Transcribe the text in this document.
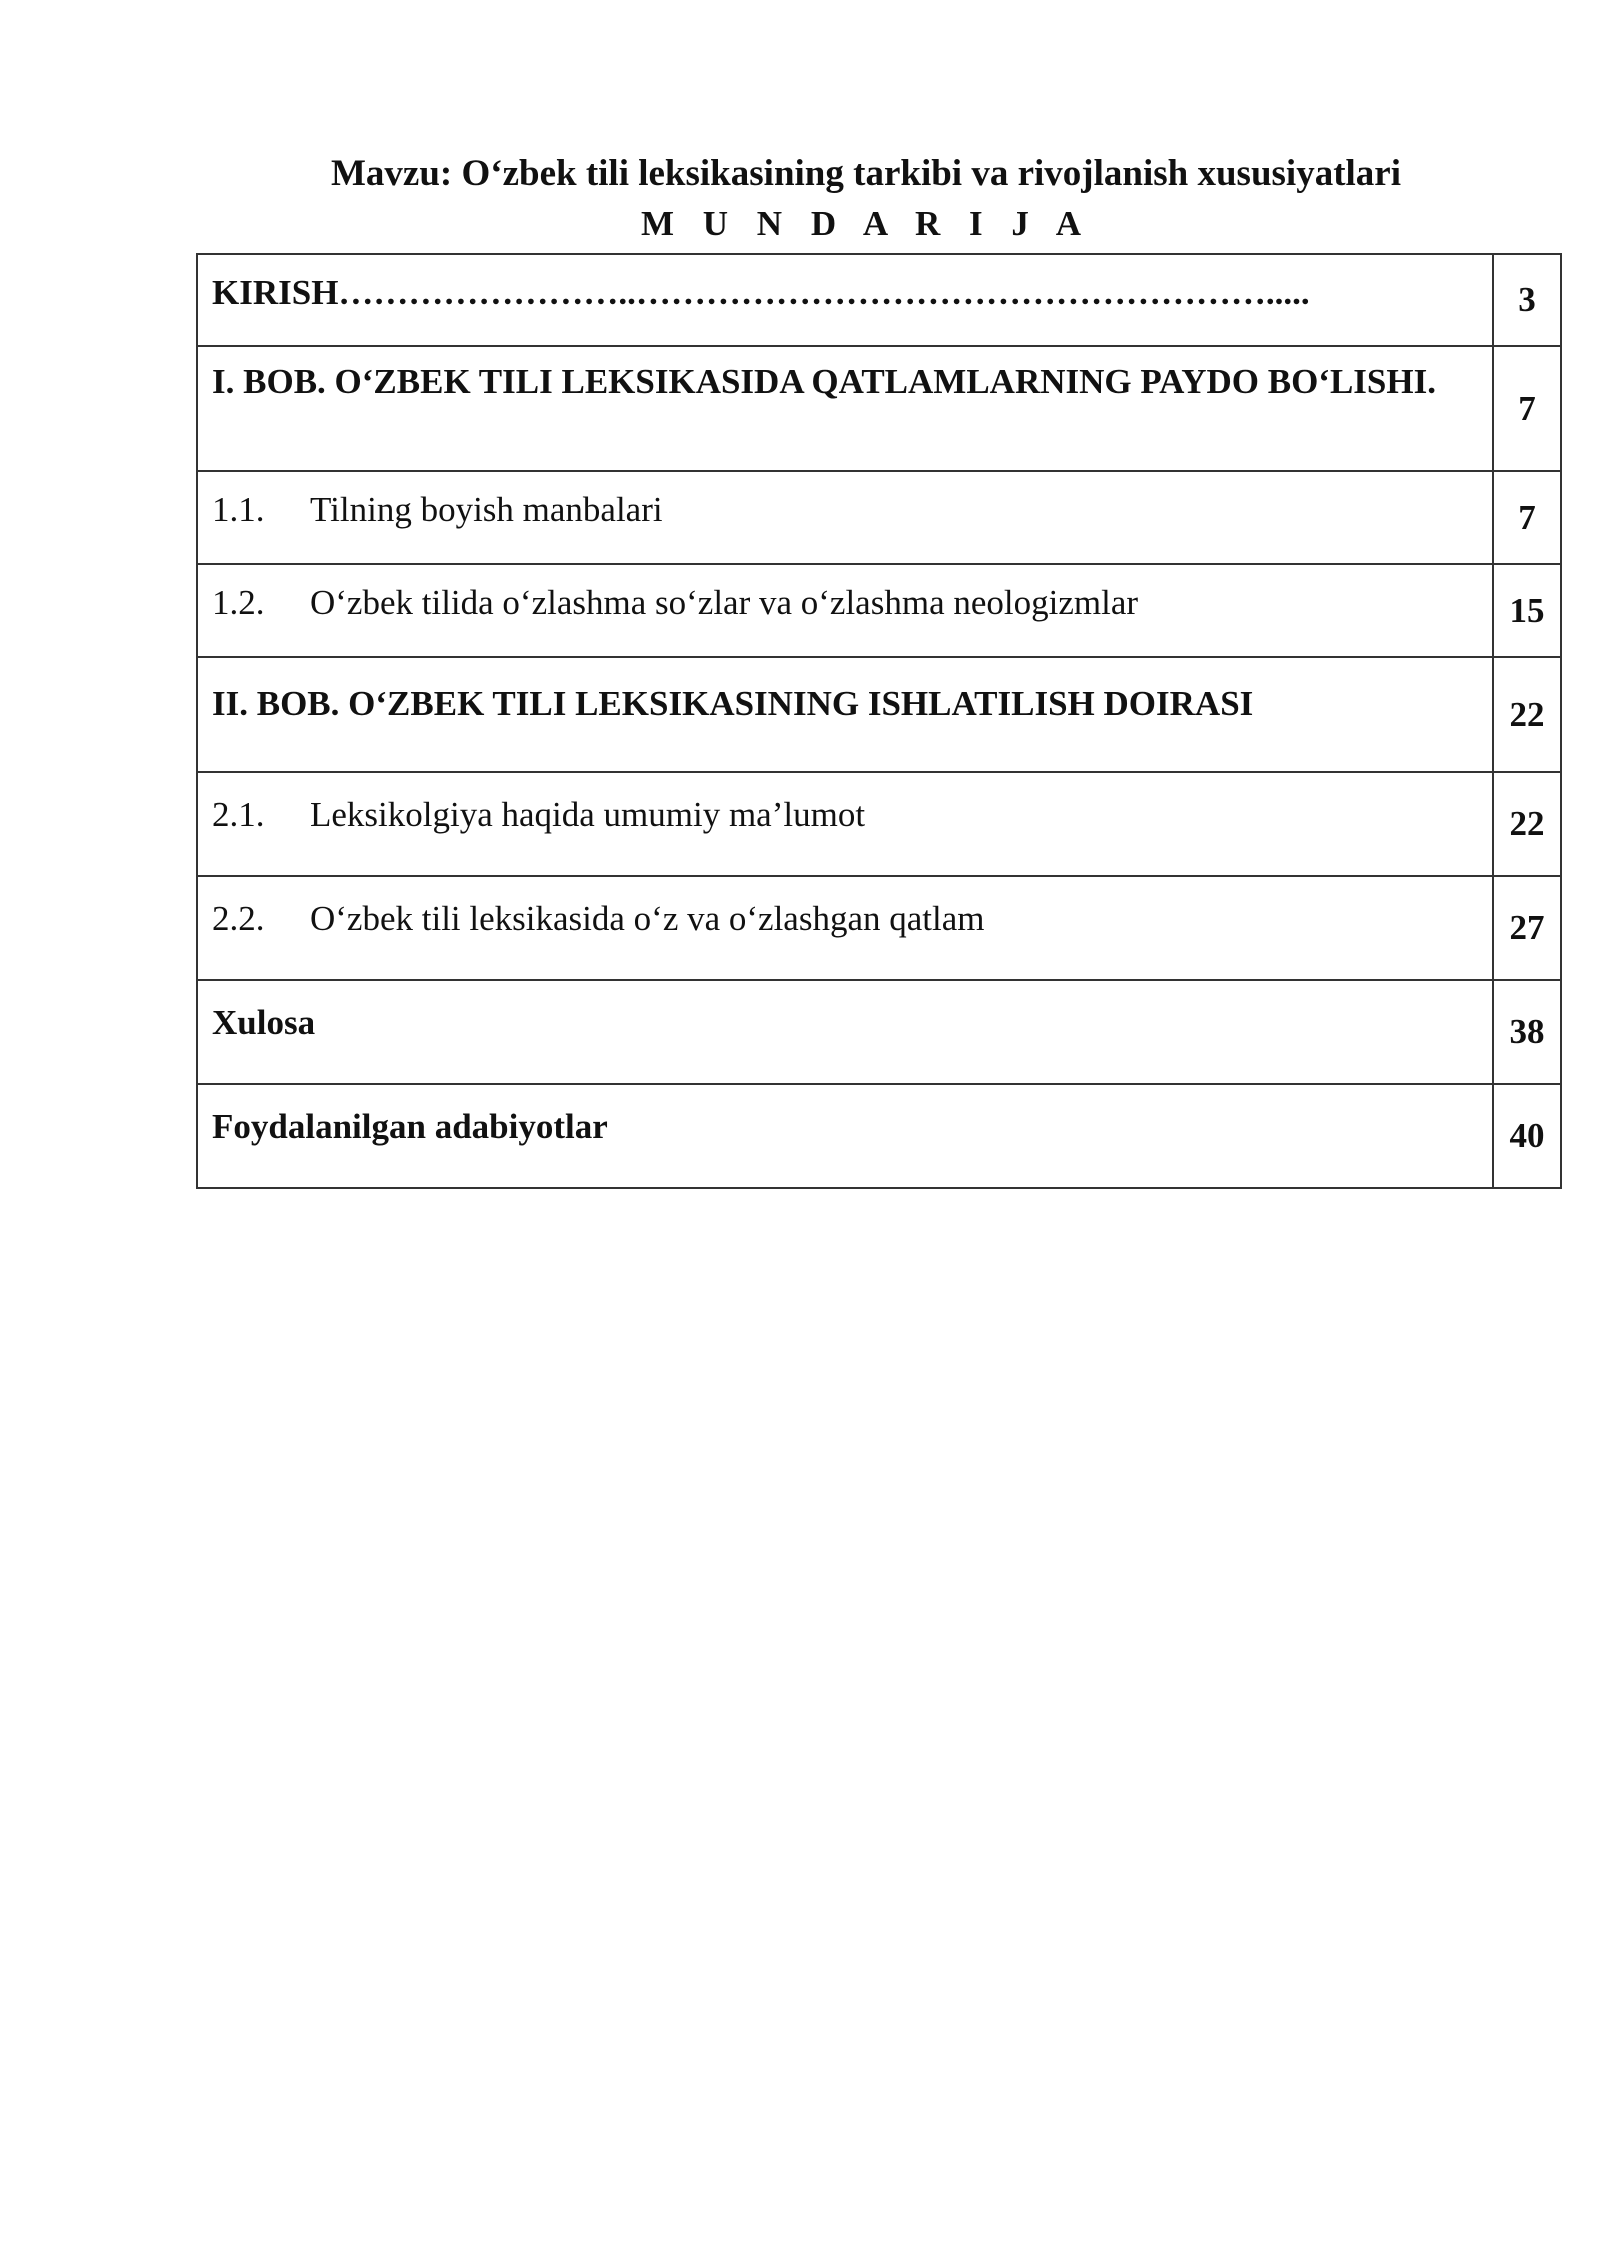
Mavzu: O‘zbek tili leksikasining tarkibi va rivojlanish xususiyatlari
M U N D A R I J A
KIRISH……………………..……………………………………………….....	3
I. BOB. O‘ZBEK TILI LEKSIKASIDA QATLAMLARNING PAYDO BO‘LISHI.	7
1.1. Tilning boyish manbalari	7
1.2. O‘zbek tilida o‘zlashma so‘zlar va o‘zlashma neologizmlar	15
II. BOB. O‘ZBEK TILI LEKSIKASINING ISHLATILISH DOIRASI	22
2.1. Leksikolgiya haqida umumiy ma’lumot	22
2.2. O‘zbek tili leksikasida o‘z va o‘zlashgan qatlam	27
Xulosa	38
Foydalanilgan adabiyotlar	40
